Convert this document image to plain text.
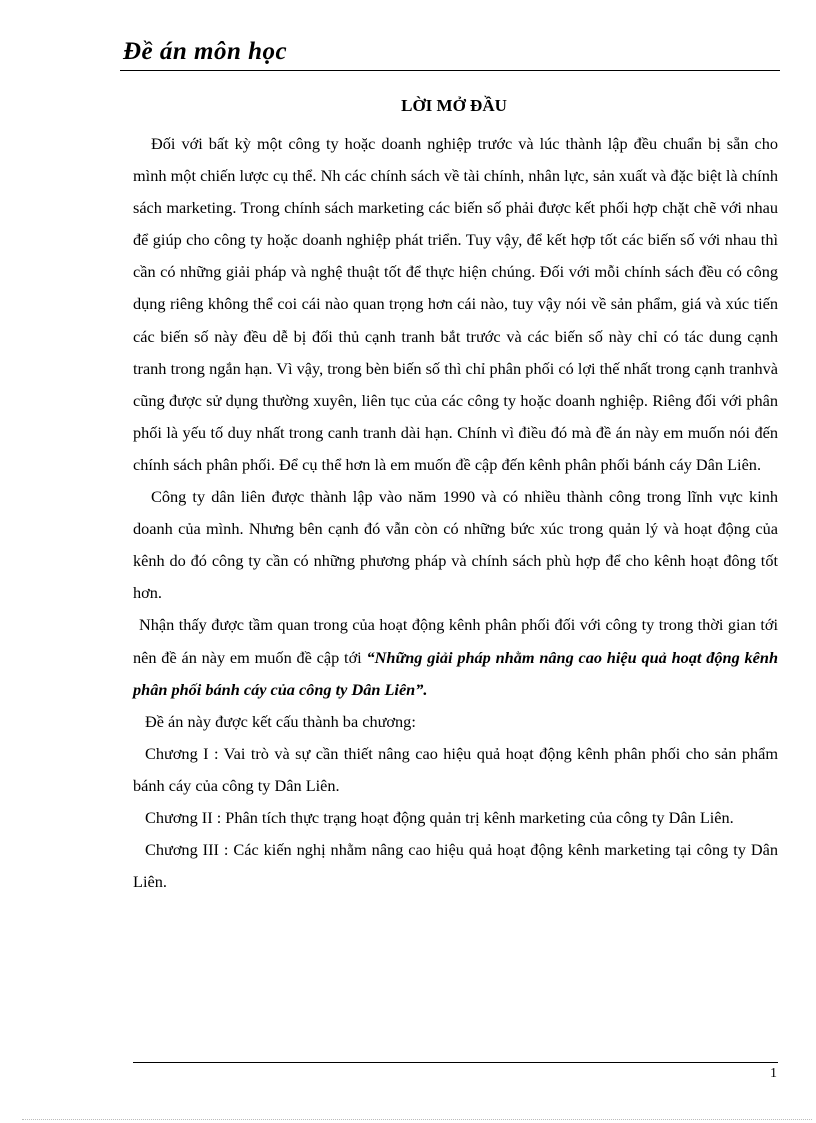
Đề án môn học
LỜI MỞ ĐẦU

Đối với bất kỳ một công ty hoặc doanh nghiệp trước và lúc thành lập đều chuẩn bị sẵn cho mình một chiến lược cụ thể. Nh các chính sách về tài chính, nhân lực, sản xuất và đặc biệt là chính sách marketing. Trong chính sách marketing các biến số phải được kết phối hợp chặt chẽ với nhau để giúp cho công ty hoặc doanh nghiệp phát triển. Tuy vậy, để kết hợp tốt các biến số với nhau thì cần có những giải pháp và nghệ thuật tốt để thực hiện chúng. Đối với mỗi chính sách đều có công dụng riêng không thể coi cái nào quan trọng hơn cái nào, tuy vậy nói về sản phẩm, giá và xúc tiến các biến số này đều dễ bị đối thủ cạnh tranh bắt trước và các biến số này chỉ có tác dung cạnh tranh trong ngắn hạn. Vì vậy, trong bèn biến số thì chỉ phân phối có lợi thế nhất trong cạnh tranhvà cũng được sử dụng thường xuyên, liên tục của các công ty hoặc doanh nghiệp. Riêng đối với phân phối là yếu tố duy nhất trong canh tranh dài hạn. Chính vì điều đó mà đề án này em muốn nói đến chính sách phân phối. Để cụ thể hơn là em muốn đề cập đến kênh phân phối bánh cáy Dân Liên.

Công ty dân liên được thành lập vào năm 1990 và có nhiều thành công trong lĩnh vực kinh doanh của mình. Nhưng bên cạnh đó vẫn còn có những bức xúc trong quản lý và hoạt động của kênh do đó công ty cần có những phương pháp và chính sách phù hợp để cho kênh hoạt đông tốt hơn.

Nhận thấy được tầm quan trong của hoạt động kênh phân phối đối với công ty trong thời gian tới nên đề án này em muốn đề cập tới “Những giải pháp nhằm nâng cao hiệu quả hoạt động kênh phân phối bánh cáy của công ty Dân Liên”.

Đề án này được kết cấu thành ba chương:

Chương I : Vai trò và sự cần thiết nâng cao hiệu quả hoạt động kênh phân phối cho sản phẩm bánh cáy của công ty Dân Liên.

Chương II : Phân tích thực trạng hoạt động quản trị kênh marketing của công ty Dân Liên.

Chương III : Các kiến nghị nhằm nâng cao hiệu quả hoạt động kênh marketing tại công ty Dân Liên.

1
